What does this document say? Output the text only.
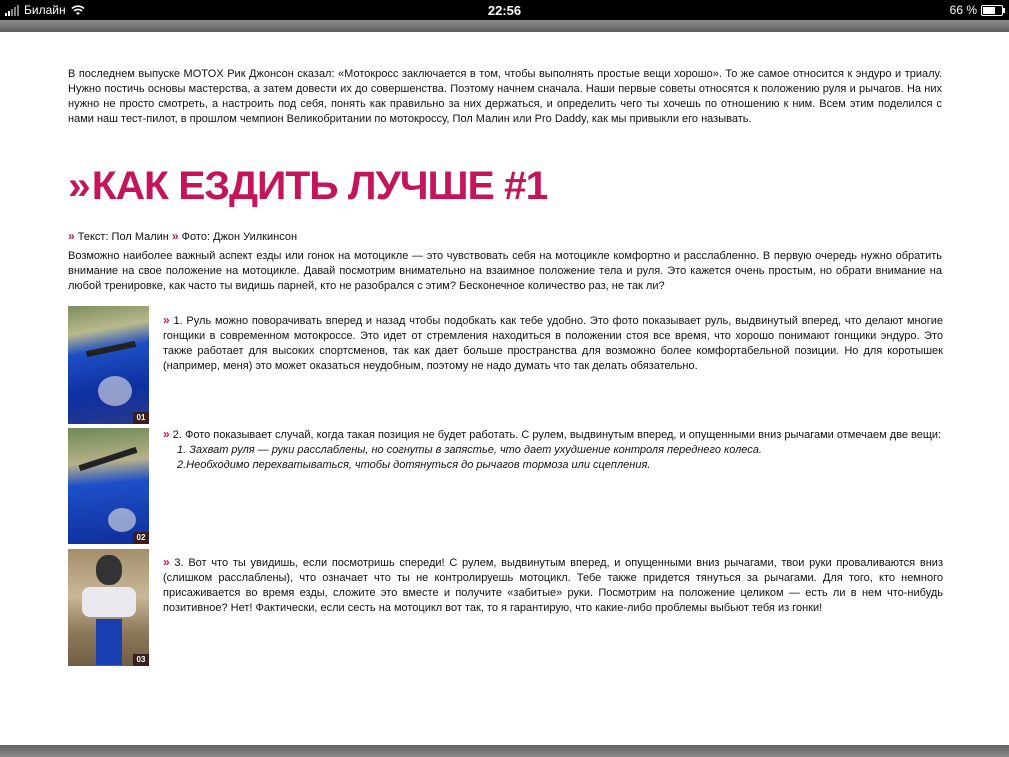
Билайн	22:56	66 %

В последнем выпуске MOTOX Рик Джонсон сказал: «Мотокросс заключается в том, чтобы выполнять простые вещи хорошо». То же самое относится к эндуро и триалу. Нужно постичь основы мастерства, а затем довести их до совершенства. Поэтому начнем сначала. Наши первые советы относятся к положению руля и рычагов. На них нужно не просто смотреть, а настроить под себя, понять как правильно за них держаться, и определить чего ты хочешь по отношению к ним. Всем этим поделился с нами наш тест-пилот, в прошлом чемпион Великобритании по мотокроссу, Пол Малин или Pro Daddy, как мы привыкли его называть.

»КАК ЕЗДИТЬ ЛУЧШЕ #1
» Текст: Пол Малин » Фото: Джон Уилкинсон

Возможно наиболее важный аспект езды или гонок на мотоцикле — это чувствовать себя на мотоцикле комфортно и расслабленно. В первую очередь нужно обратить внимание на свое положение на мотоцикле. Давай посмотрим внимательно на взаимное положение тела и руля. Это кажется очень простым, но обрати внимание на любой тренировке, как часто ты видишь парней, кто не разобрался с этим? Бесконечное количество раз, не так ли?

01
02
03
» 1. Руль можно поворачивать вперед и назад чтобы подобкать как тебе удобно. Это фото показывает руль, выдвинутый вперед, что делают многие гонщики в современном мотокроссе. Это идет от стремления находиться в положении стоя все время, что хорошо понимают гонщики эндуро. Это также работает для высоких спортсменов, так как дает больше пространства для возможно более комфортабельной позиции. Но для коротышек (например, меня) это может оказаться неудобным, поэтому не надо думать что так делать обязательно.
» 2. Фото показывает случай, когда такая позиция не будет работать. С рулем, выдвинутым вперед, и опущенными вниз рычагами отмечаем две вещи:

1. Захват руля — руки расслаблены, но согнуты в запястье, что дает ухудшение контроля переднего колеса.

2.Необходимо перехватываться, чтобы дотянуться до рычагов тормоза или сцепления.

» 3. Вот что ты увидишь, если посмотришь спереди! С рулем, выдвинутым вперед, и опущенными вниз рычагами, твои руки проваливаются вниз (слишком расслаблены), что означает что ты не контролируешь мотоцикл. Тебе также придется тянуться за рычагами. Для того, кто немного присаживается во время езды, сложите это вместе и получите «забитые» руки. Посмотрим на положение целиком — есть ли в нем что-нибудь позитивное? Нет! Фактически, если сесть на мотоцикл вот так, то я гарантирую, что какие-либо проблемы выбьют тебя из гонки!
